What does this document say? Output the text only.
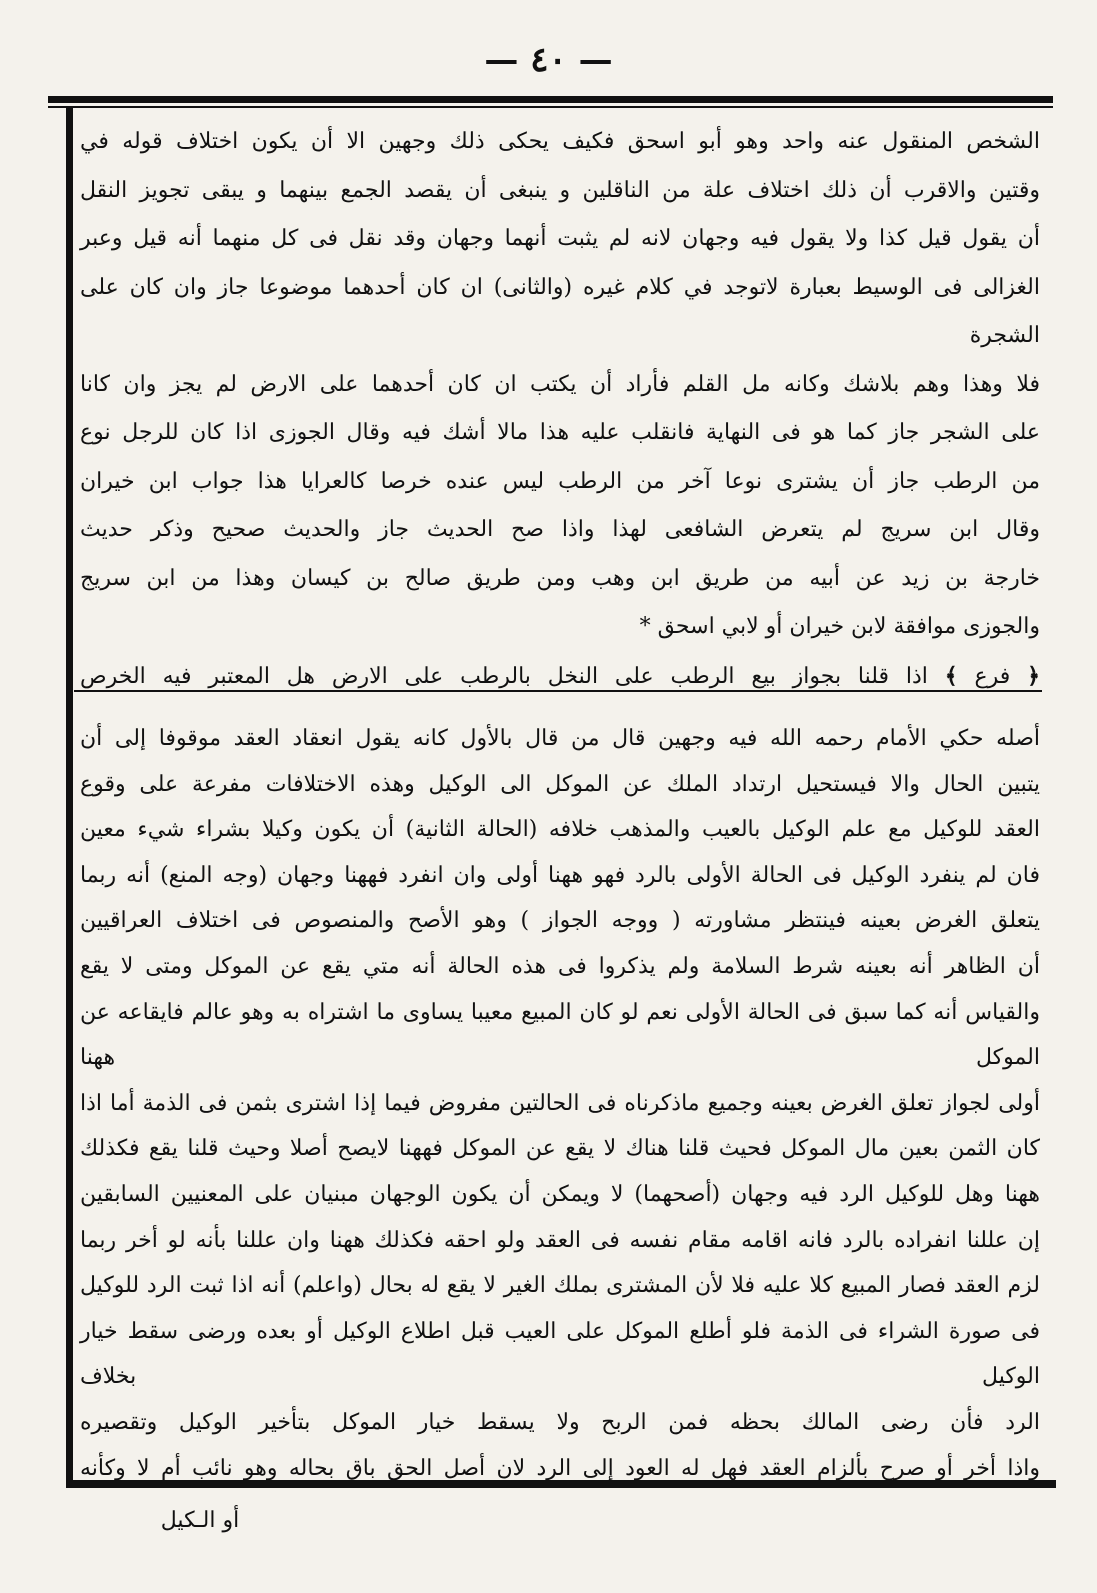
— ٤٠ —

الشخص المنقول عنه واحد وهو أبو اسحق فكيف يحكى ذلك وجهين الا أن يكون اختلاف قوله في

وقتين والاقرب أن ذلك اختلاف علة من الناقلين و ينبغى أن يقصد الجمع بينهما و يبقى تجويز النقل

أن يقول قيل كذا ولا يقول فيه وجهان لانه لم يثبت أنهما وجهان وقد نقل فى كل منهما أنه قيل وعبر

الغزالى فى الوسيط بعبارة لاتوجد في كلام غيره (والثانى) ان كان أحدهما موضوعا جاز وان كان على الشجرة

فلا وهذا وهم بلاشك وكانه مل القلم فأراد أن يكتب ان كان أحدهما على الارض لم يجز وان كانا

على الشجر جاز كما هو فى النهاية فانقلب عليه هذا مالا أشك فيه وقال الجوزى اذا كان للرجل نوع

من الرطب جاز أن يشترى نوعا آخر من الرطب ليس عنده خرصا كالعرايا هذا جواب ابن خيران

وقال ابن سريج لم يتعرض الشافعى لهذا واذا صح الحديث جاز والحديث صحيح وذكر حديث

خارجة بن زيد عن أبيه من طريق ابن وهب ومن طريق صالح بن كيسان وهذا من ابن سريج

والجوزى موافقة لابن خيران أو لابي اسحق *

﴿ فرع ﴾ اذا قلنا بجواز بيع الرطب على النخل بالرطب على الارض هل المعتبر فيه الخرص

أصله حكي الأمام رحمه الله فيه وجهين قال من قال بالأول كانه يقول انعقاد العقد موقوفا إلى أن

يتبين الحال والا فيستحيل ارتداد الملك عن الموكل الى الوكيل وهذه الاختلافات مفرعة على وقوع

العقد للوكيل مع علم الوكيل بالعيب والمذهب خلافه (الحالة الثانية) أن يكون وكيلا بشراء شيء معين

فان لم ينفرد الوكيل فى الحالة الأولى بالرد فهو ههنا أولى وان انفرد فههنا وجهان (وجه المنع) أنه ربما

يتعلق الغرض بعينه فينتظر مشاورته ( ووجه الجواز ) وهو الأصح والمنصوص فى اختلاف العراقيين

أن الظاهر أنه بعينه شرط السلامة ولم يذكروا فى هذه الحالة أنه متي يقع عن الموكل ومتى لا يقع

والقياس أنه كما سبق فى الحالة الأولى نعم لو كان المبيع معيبا يساوى ما اشتراه به وهو عالم فايقاعه عن الموكل ههنا

أولى لجواز تعلق الغرض بعينه وجميع ماذكرناه فى الحالتين مفروض فيما إذا اشترى بثمن فى الذمة أما اذا

كان الثمن بعين مال الموكل فحيث قلنا هناك لا يقع عن الموكل فههنا لايصح أصلا وحيث قلنا يقع فكذلك

ههنا وهل للوكيل الرد فيه وجهان (أصحهما) لا ويمكن أن يكون الوجهان مبنيان على المعنيين السابقين

إن عللنا انفراده بالرد فانه اقامه مقام نفسه فى العقد ولو احقه فكذلك ههنا وان عللنا بأنه لو أخر ربما

لزم العقد فصار المبيع كلا عليه فلا لأن المشترى بملك الغير لا يقع له بحال (واعلم) أنه اذا ثبت الرد للوكيل

فى صورة الشراء فى الذمة فلو أطلع الموكل على العيب قبل اطلاع الوكيل أو بعده ورضى سقط خيار الوكيل بخلاف

الرد فأن رضى المالك بحظه فمن الربح ولا يسقط خيار الموكل بتأخير الوكيل وتقصيره

واذا أخر أو صرح بألزام العقد فهل له العود إلى الرد لان أصل الحق باق بحاله وهو نائب أم لا وكأنه

أو الـكيل
